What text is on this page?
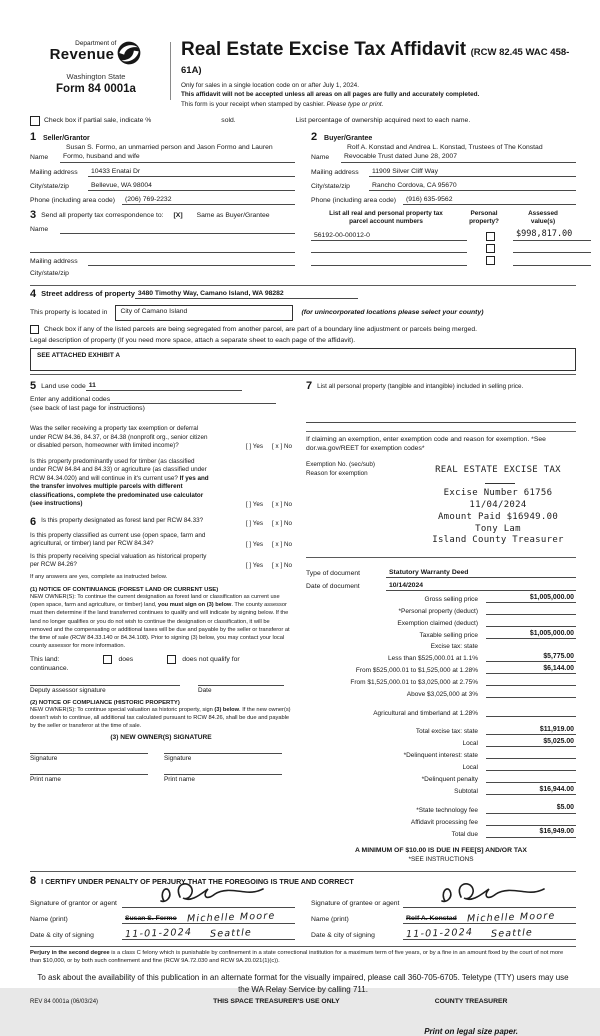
Department of
Revenue
Washington State
Form 84 0001a
Real Estate Excise Tax Affidavit (RCW 82.45 WAC 458-61A)
Only for sales in a single location code on or after July 1, 2024.
This affidavit will not be accepted unless all areas on all pages are fully and accurately completed.
This form is your receipt when stamped by cashier. Please type or print.
Check box if partial sale, indicate %	sold.	List percentage of ownership acquired next to each name.
1 Seller/Grantor
Susan S. Formo, an unmarried person and Jason Formo and Lauren
Name	Formo, husband and wife
Mailing address	10433 Enatai Dr
City/state/zip	Bellevue, WA 98004
Phone (including area code)	(206) 769-2232
2 Buyer/Grantee
Rolf A. Konstad and Andrea L. Konstad, Trustees of The Konstad
Name	Revocable Trust dated June 28, 2007
Mailing address	11909 Silver Cliff Way
City/state/zip	Rancho Cordova, CA 95670
Phone (including area code)	(916) 635-9562
3 Send all property tax correspondence to: [X] Same as Buyer/Grantee
Name
Mailing address
City/state/zip
List all real and personal property tax
parcel account numbers
Personal
property?
Assessed
value(s)
56192-00-00012-0	$998,817.00
4 Street address of property 3480 Timothy Way, Camano Island, WA 98282
This property is located in	City of Camano Island	(for unincorporated locations please select your county)
Check box if any of the listed parcels are being segregated from another parcel, are part of a boundary line adjustment or parcels being merged.
Legal description of property (If you need more space, attach a separate sheet to each page of the affidavit).
SEE ATTACHED EXHIBIT A
5 Land use code 11
Enter any additional codes
(see back of last page for instructions)
Was the seller receiving a property tax exemption or deferral under RCW 84.36, 84.37, or 84.38 (nonprofit org., senior citizen or disabled person, homeowner with limited income)?	[ ] Yes [ x ] No
Is this property predominantly used for timber (as classified under RCW 84.84 and 84.33) or agriculture (as classified under RCW 84.34.020) and will continue in it's current use? If yes and the transfer involves multiple parcels with different classifications, complete the predominated use calculator (see instructions)	[ ] Yes [ x ] No
6 Is this property designated as forest land per RCW 84.33?	[ ] Yes [ x ] No
Is this property classified as current use (open space, farm and agricultural, or timber) land per RCW 84.34?	[ ] Yes [ x ] No
Is this property receiving special valuation as historical property per RCW 84.26?	[ ] Yes [ x ] No
If any answers are yes, complete as instructed below.
(1) NOTICE OF CONTINUANCE (FOREST LAND OR CURRENT USE)
NEW OWNER(S): To continue the current designation as forest land or classification as current use (open space, farm and agriculture, or timber) land, you must sign on (3) below. The county assessor must then determine if the land transferred continues to qualify and will indicate by signing below. If the land no longer qualifies or you do not wish to continue the designation or classification, it will be removed and the compensating or additional taxes will be due and payable by the seller or transferor at the time of sale (RCW 84.33.140 or 84.34.108). Prior to signing (3) below, you may contact your local county assessor for more information.
This land:	does	does not qualify for
continuance.
Deputy assessor signature	Date
(2) NOTICE OF COMPLIANCE (HISTORIC PROPERTY)
NEW OWNER(S): To continue special valuation as historic property, sign (3) below. If the new owner(s) doesn't wish to continue, all additional tax calculated pursuant to RCW 84.26, shall be due and payable by the seller or transferor at the time of sale.
(3) NEW OWNER(S) SIGNATURE
Signature	Signature
Print name	Print name
7 List all personal property (tangible and intangible) included in selling price.
If claiming an exemption, enter exemption code and reason for exemption. *See dor.wa.gov/REET for exemption codes*
Exemption No. (sec/sub)
Reason for exemption	REAL ESTATE EXCISE TAX
Excise Number 61756
11/04/2024
Amount Paid $16949.00
Tony Lam
Island County Treasurer
Type of document	Statutory Warranty Deed
Date of document	10/14/2024
Gross selling price	$1,005,000.00
*Personal property (deduct)
Exemption claimed (deduct)
Taxable selling price	$1,005,000.00
Excise tax: state
Less than $525,000.01 at 1.1%	$5,775.00
From $525,000.01 to $1,525,000 at 1.28%	$6,144.00
From $1,525,000.01 to $3,025,000 at 2.75%
Above $3,025,000 at 3%
Agricultural and timberland at 1.28%
Total excise tax: state	$11,919.00
Local	$5,025.00
*Delinquent interest: state
Local
*Delinquent penalty
Subtotal	$16,944.00
*State technology fee	$5.00
Affidavit processing fee
Total due	$16,949.00
A MINIMUM OF $10.00 IS DUE IN FEE[S] AND/OR TAX
*SEE INSTRUCTIONS
8 I CERTIFY UNDER PENALTY OF PERJURY THAT THE FOREGOING IS TRUE AND CORRECT
Signature of grantor or agent
Name (print)	Susan S. Formo Michelle Moore
Date & city of signing	11-01-2024 Seattle
Signature of grantee or agent
Name (print)	Rolf A. Konstad Michelle Moore
Date & city of signing	11-01-2024 Seattle
Perjury in the second degree is a class C felony which is punishable by confinement in a state correctional institution for a maximum term of five years, or by a fine in an amount fixed by the court of not more than $10,000, or by both such confinement and fine (RCW 9A.72.030 and RCW 9A.20.021(1)(c)).
To ask about the availability of this publication in an alternate format for the visually impaired, please call 360-705-6705. Teletype (TTY) users may use the WA Relay Service by calling 711.
REV 84 0001a (06/03/24)	THIS SPACE TREASURER'S USE ONLY	COUNTY TREASURER
Print on legal size paper.
